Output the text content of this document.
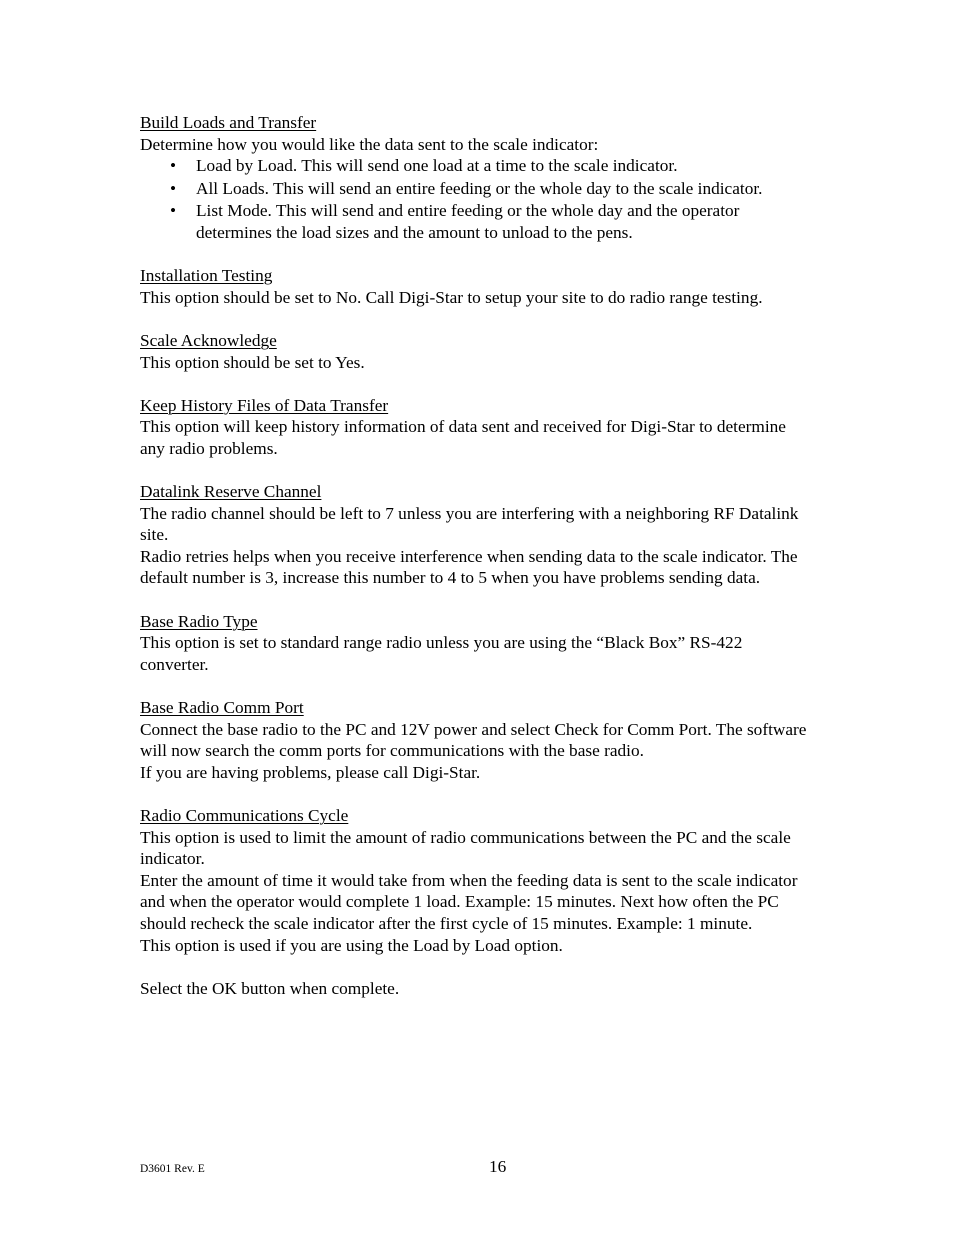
Build Loads and Transfer

Determine how you would like the data sent to the scale indicator:

• Load by Load. This will send one load at a time to the scale indicator.
• All Loads. This will send an entire feeding or the whole day to the scale indicator.
• List Mode. This will send and entire feeding or the whole day and the operator determines the load sizes and the amount to unload to the pens.
Installation Testing

This option should be set to No. Call Digi-Star to setup your site to do radio range testing.

Scale Acknowledge

This option should be set to Yes.

Keep History Files of Data Transfer

This option will keep history information of data sent and received for Digi-Star to determine any radio problems.

Datalink Reserve Channel

The radio channel should be left to 7 unless you are interfering with a neighboring RF Datalink site.

Radio retries helps when you receive interference when sending data to the scale indicator. The default number is 3, increase this number to 4 to 5 when you have problems sending data.

Base Radio Type

This option is set to standard range radio unless you are using the “Black Box” RS-422 converter.

Base Radio Comm Port

Connect the base radio to the PC and 12V power and select Check for Comm Port. The software will now search the comm ports for communications with the base radio.

If you are having problems, please call Digi-Star.

Radio Communications Cycle

This option is used to limit the amount of radio communications between the PC and the scale indicator.

Enter the amount of time it would take from when the feeding data is sent to the scale indicator and when the operator would complete 1 load. Example: 15 minutes. Next how often the PC should recheck the scale indicator after the first cycle of 15 minutes. Example: 1 minute.

This option is used if you are using the Load by Load option.

Select the OK button when complete.

D3601 Rev. E	16
